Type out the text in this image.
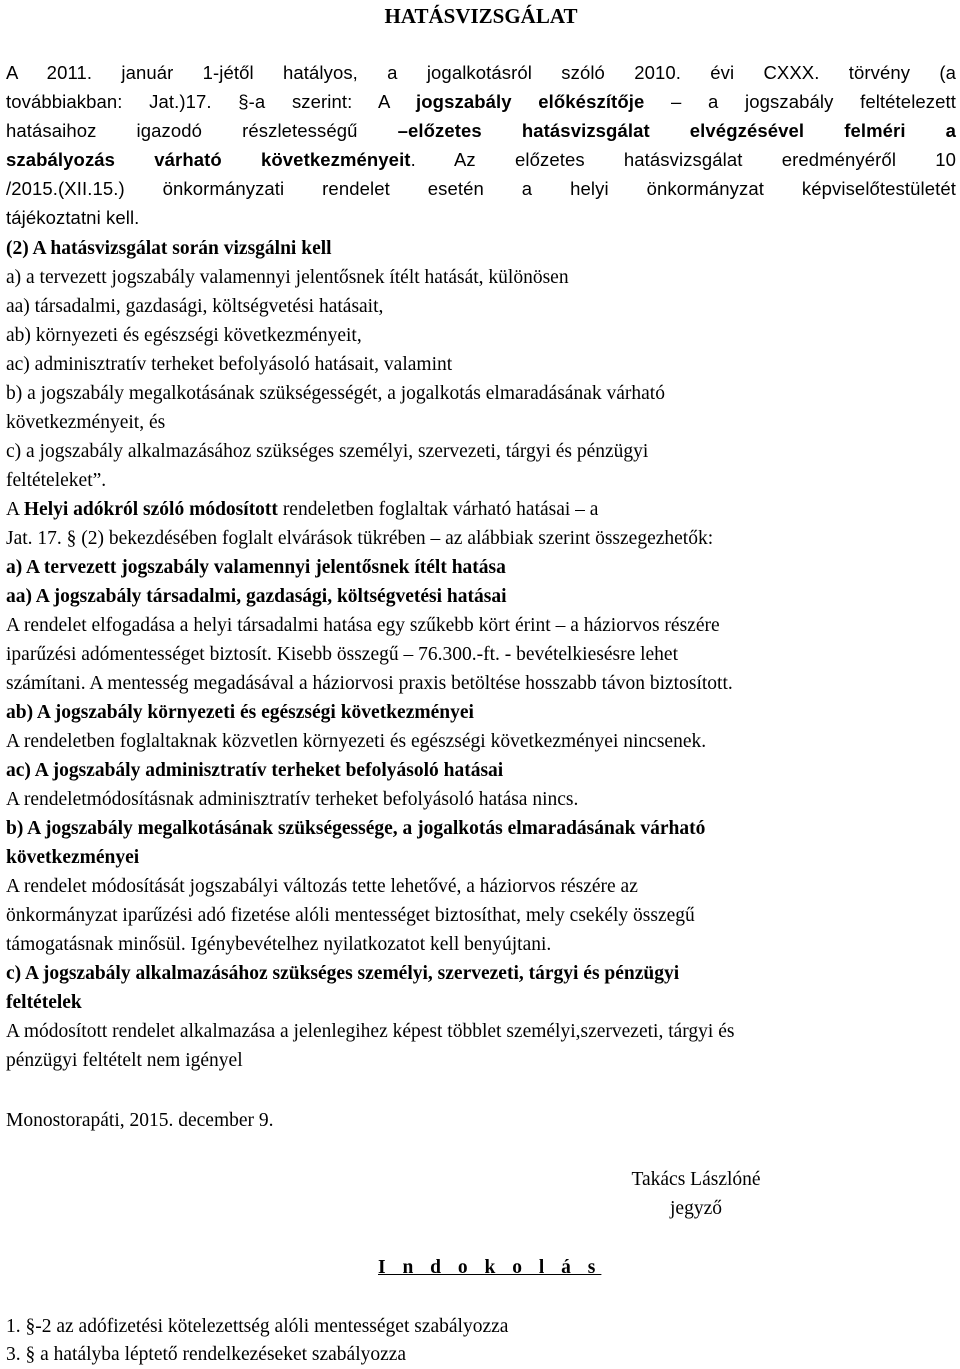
HATÁSVIZSGÁLAT
A 2011. január 1-jétől hatályos, a jogalkotásról szóló 2010. évi CXXX. törvény (a
továbbiakban: Jat.)17. §-a szerint: A jogszabály előkészítője – a jogszabály feltételezett
hatásaihoz igazodó részletességű –előzetes hatásvizsgálat elvégzésével felméri a
szabályozás várható következményeit. Az előzetes hatásvizsgálat eredményéről 10
/2015.(XII.15.) önkormányzati rendelet esetén a helyi önkormányzat képviselőtestületét
tájékoztatni kell.
(2) A hatásvizsgálat során vizsgálni kell
a) a tervezett jogszabály valamennyi jelentősnek ítélt hatását, különösen
aa) társadalmi, gazdasági, költségvetési hatásait,
ab) környezeti és egészségi következményeit,
ac) adminisztratív terheket befolyásoló hatásait, valamint
b) a jogszabály megalkotásának szükségességét, a jogalkotás elmaradásának várható
következményeit, és
c) a jogszabály alkalmazásához szükséges személyi, szervezeti, tárgyi és pénzügyi
feltételeket”.
A Helyi adókról szóló módosított rendeletben foglaltak várható hatásai – a
Jat. 17. § (2) bekezdésében foglalt elvárások tükrében – az alábbiak szerint összegezhetők:
a) A tervezett jogszabály valamennyi jelentősnek ítélt hatása
aa) A jogszabály társadalmi, gazdasági, költségvetési hatásai
A rendelet elfogadása a helyi társadalmi hatása egy szűkebb kört érint – a háziorvos részére
iparűzési adómentességet biztosít. Kisebb összegű – 76.300.-ft. - bevételkiesésre lehet
számítani. A mentesség megadásával a háziorvosi praxis betöltése hosszabb távon biztosított.
ab) A jogszabály környezeti és egészségi következményei
A rendeletben foglaltaknak közvetlen környezeti és egészségi következményei nincsenek.
ac) A jogszabály adminisztratív terheket befolyásoló hatásai
A rendeletmódosításnak adminisztratív terheket befolyásoló hatása nincs.
b) A jogszabály megalkotásának szükségessége, a jogalkotás elmaradásának várható
következményei
A rendelet módosítását jogszabályi változás tette lehetővé, a háziorvos részére az
önkormányzat iparűzési adó fizetése alóli mentességet biztosíthat, mely csekély összegű
támogatásnak minősül. Igénybevételhez nyilatkozatot kell benyújtani.
c) A jogszabály alkalmazásához szükséges személyi, szervezeti, tárgyi és pénzügyi
feltételek
A módosított rendelet alkalmazása a jelenlegihez képest többlet személyi,szervezeti, tárgyi és
pénzügyi feltételt nem igényel
Monostorapáti, 2015. december 9.
Takács Lászlóné
jegyző
I n d o k o l á s
1. §-2 az adófizetési kötelezettség alóli mentességet szabályozza
3. § a hatályba léptető rendelkezéseket szabályozza
